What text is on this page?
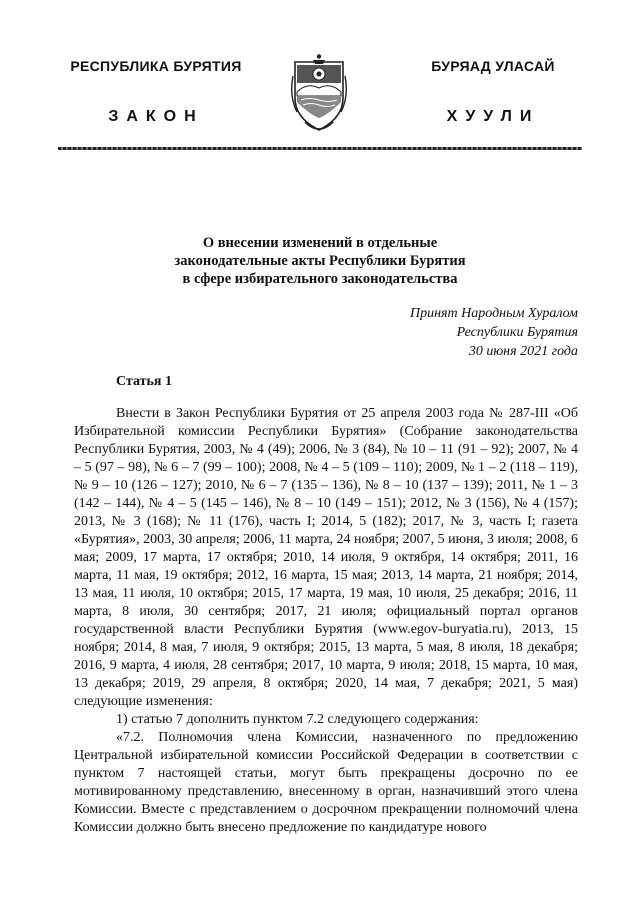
РЕСПУБЛИКА БУРЯТИЯ
ЗАКОН
БУРЯАД УЛАСАЙ
ХУУЛИ
О внесении изменений в отдельные
законодательные акты Республики Бурятия
в сфере избирательного законодательства
Принят Народным Хуралом
Республики Бурятия
30 июня 2021 года
Статья 1

Внести в Закон Республики Бурятия от 25 апреля 2003 года № 287-III «Об Избирательной комиссии Республики Бурятия» (Собрание законодательства Республики Бурятия, 2003, № 4 (49); 2006, № 3 (84), № 10 – 11 (91 – 92); 2007, № 4 – 5 (97 – 98), № 6 – 7 (99 – 100); 2008, № 4 – 5 (109 – 110); 2009, № 1 – 2 (118 – 119), № 9 – 10 (126 – 127); 2010, № 6 – 7 (135 – 136), № 8 – 10 (137 – 139); 2011, № 1 – 3 (142 – 144), № 4 – 5 (145 – 146), № 8 – 10 (149 – 151); 2012, № 3 (156), № 4 (157); 2013, № 3 (168); № 11 (176), часть I; 2014, 5 (182); 2017, № 3, часть I; газета «Бурятия», 2003, 30 апреля; 2006, 11 марта, 24 ноября; 2007, 5 июня, 3 июля; 2008, 6 мая; 2009, 17 марта, 17 октября; 2010, 14 июля, 9 октября, 14 октября; 2011, 16 марта, 11 мая, 19 октября; 2012, 16 марта, 15 мая; 2013, 14 марта, 21 ноября; 2014, 13 мая, 11 июля, 10 октября; 2015, 17 марта, 19 мая, 10 июля, 25 декабря; 2016, 11 марта, 8 июля, 30 сентября; 2017, 21 июля; официальный портал органов государственной власти Республики Бурятия (www.egov-buryatia.ru), 2013, 15 ноября; 2014, 8 мая, 7 июля, 9 октября; 2015, 13 марта, 5 мая, 8 июля, 18 декабря; 2016, 9 марта, 4 июля, 28 сентября; 2017, 10 марта, 9 июля; 2018, 15 марта, 10 мая, 13 декабря; 2019, 29 апреля, 8 октября; 2020, 14 мая, 7 декабря; 2021, 5 мая) следующие изменения:

1) статью 7 дополнить пунктом 7.2 следующего содержания:

«7.2. Полномочия члена Комиссии, назначенного по предложению Центральной избирательной комиссии Российской Федерации в соответствии с пунктом 7 настоящей статьи, могут быть прекращены досрочно по ее мотивированному представлению, внесенному в орган, назначивший этого члена Комиссии. Вместе с представлением о досрочном прекращении полномочий члена Комиссии должно быть внесено предложение по кандидатуре нового
